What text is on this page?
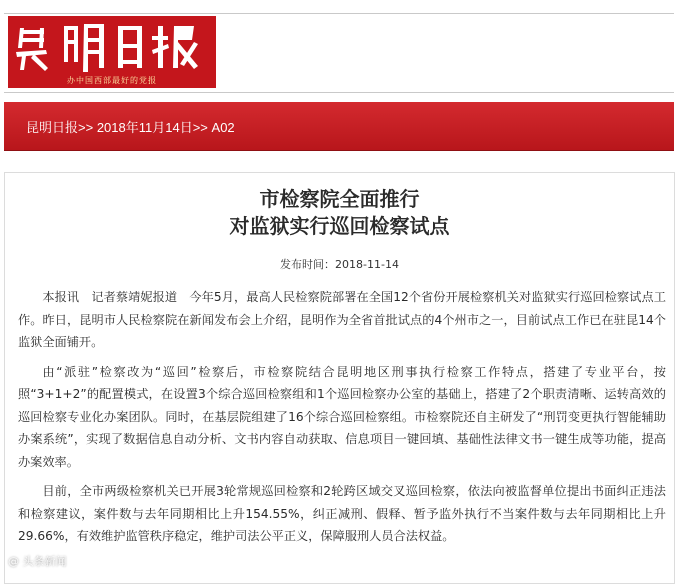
办中国西部最好的党报
昆明日报>> 2018年11月14日>> A02
市检察院全面推行
对监狱实行巡回检察试点
发布时间：2018-11-14

本报讯　记者蔡靖妮报道　今年5月，最高人民检察院部署在全国12个省份开展检察机关对监狱实行巡回检察试点工作。昨日，昆明市人民检察院在新闻发布会上介绍，昆明作为全省首批试点的4个州市之一，目前试点工作已在驻昆14个监狱全面铺开。

由“派驻”检察改为“巡回”检察后，市检察院结合昆明地区刑事执行检察工作特点，搭建了专业平台，按照“3+1+2”的配置模式，在设置3个综合巡回检察组和1个巡回检察办公室的基础上，搭建了2个职责清晰、运转高效的巡回检察专业化办案团队。同时，在基层院组建了16个综合巡回检察组。市检察院还自主研发了“刑罚变更执行智能辅助办案系统”，实现了数据信息自动分析、文书内容自动获取、信息项目一键回填、基础性法律文书一键生成等功能，提高办案效率。

目前，全市两级检察机关已开展3轮常规巡回检察和2轮跨区域交叉巡回检察，依法向被监督单位提出书面纠正违法和检察建议，案件数与去年同期相比上升154.55%，纠正减刑、假释、暂予监外执行不当案件数与去年同期相比上升29.66%，有效维护监管秩序稳定，维护司法公平正义，保障服刑人员合法权益。

@ 头条新闻
